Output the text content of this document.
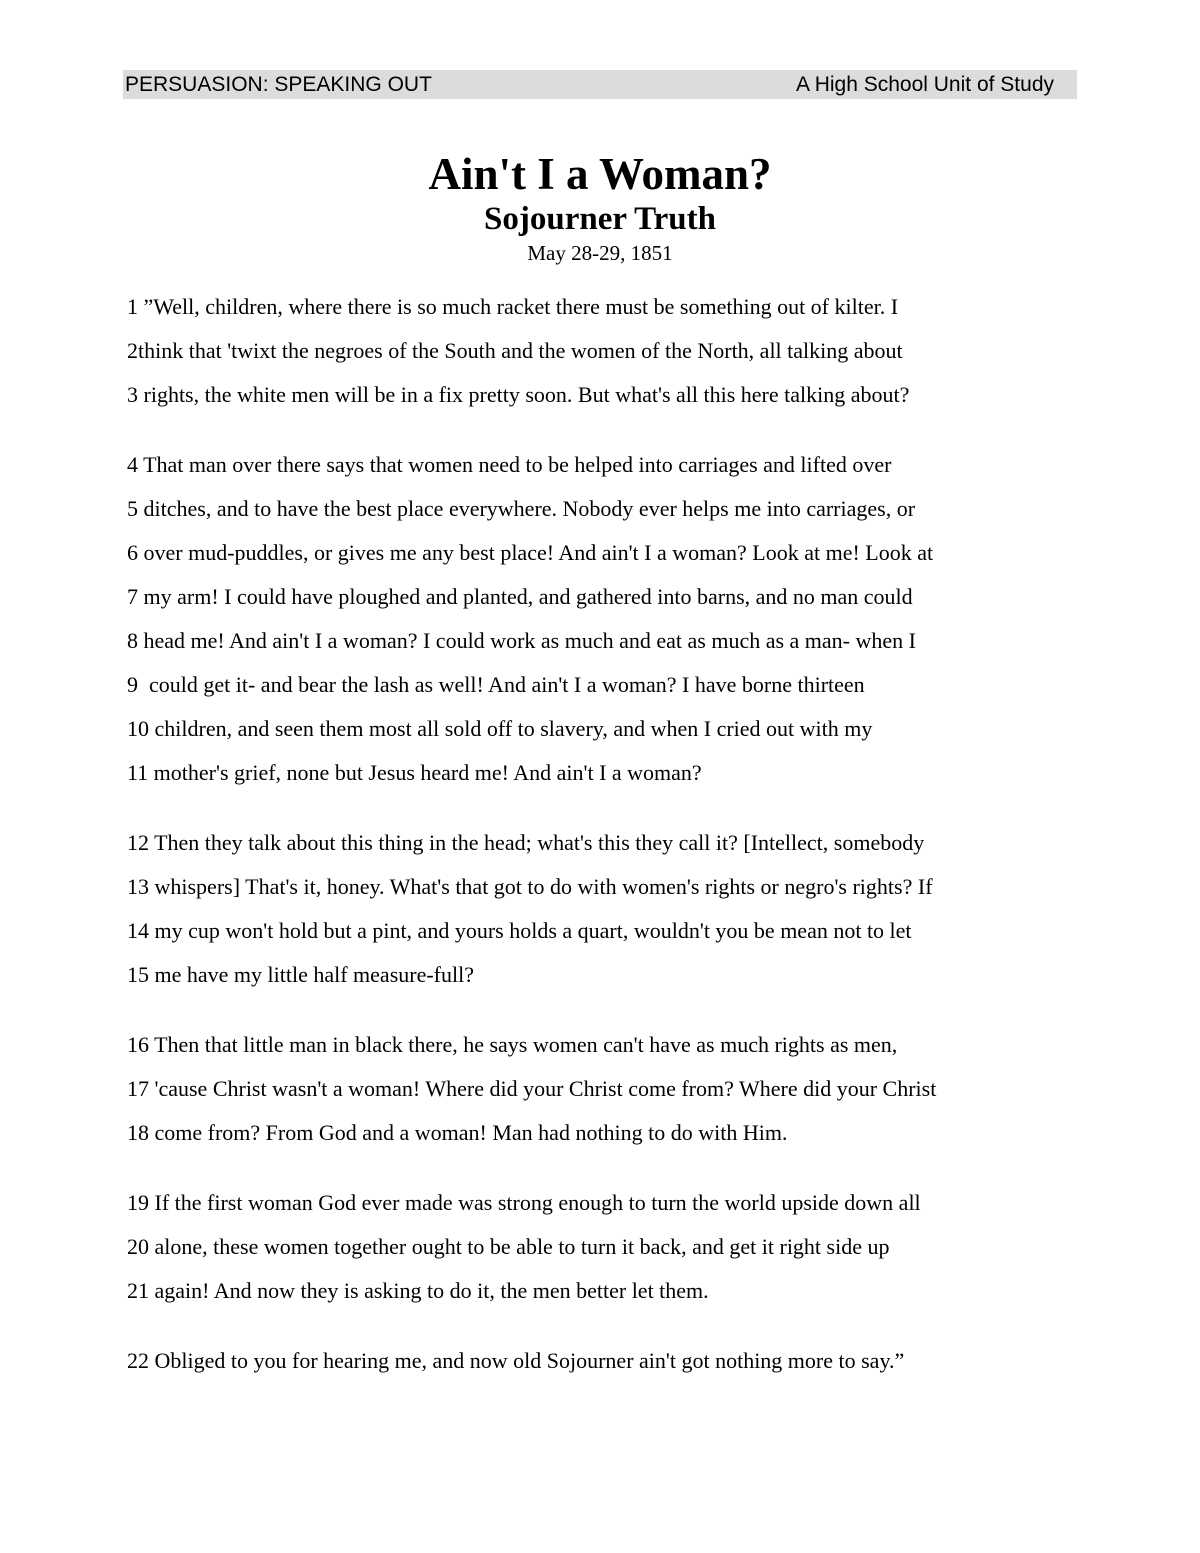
PERSUASION: SPEAKING OUT	A High School Unit of Study
Ain't I a Woman?
Sojourner Truth
May 28-29, 1851
1 ”Well, children, where there is so much racket there must be something out of kilter. I
2think that 'twixt the negroes of the South and the women of the North, all talking about
3 rights, the white men will be in a fix pretty soon. But what's all this here talking about?
4 That man over there says that women need to be helped into carriages and lifted over
5 ditches, and to have the best place everywhere. Nobody ever helps me into carriages, or
6 over mud-puddles, or gives me any best place! And ain't I a woman? Look at me! Look at
7 my arm! I could have ploughed and planted, and gathered into barns, and no man could
8 head me! And ain't I a woman? I could work as much and eat as much as a man- when I
9  could get it- and bear the lash as well! And ain't I a woman? I have borne thirteen
10 children, and seen them most all sold off to slavery, and when I cried out with my
11 mother's grief, none but Jesus heard me! And ain't I a woman?
12 Then they talk about this thing in the head; what's this they call it? [Intellect, somebody
13 whispers] That's it, honey. What's that got to do with women's rights or negro's rights? If
14 my cup won't hold but a pint, and yours holds a quart, wouldn't you be mean not to let
15 me have my little half measure-full?
16 Then that little man in black there, he says women can't have as much rights as men,
17 'cause Christ wasn't a woman! Where did your Christ come from? Where did your Christ
18 come from? From God and a woman! Man had nothing to do with Him.
19 If the first woman God ever made was strong enough to turn the world upside down all
20 alone, these women together ought to be able to turn it back, and get it right side up
21 again! And now they is asking to do it, the men better let them.
22 Obliged to you for hearing me, and now old Sojourner ain't got nothing more to say.”
